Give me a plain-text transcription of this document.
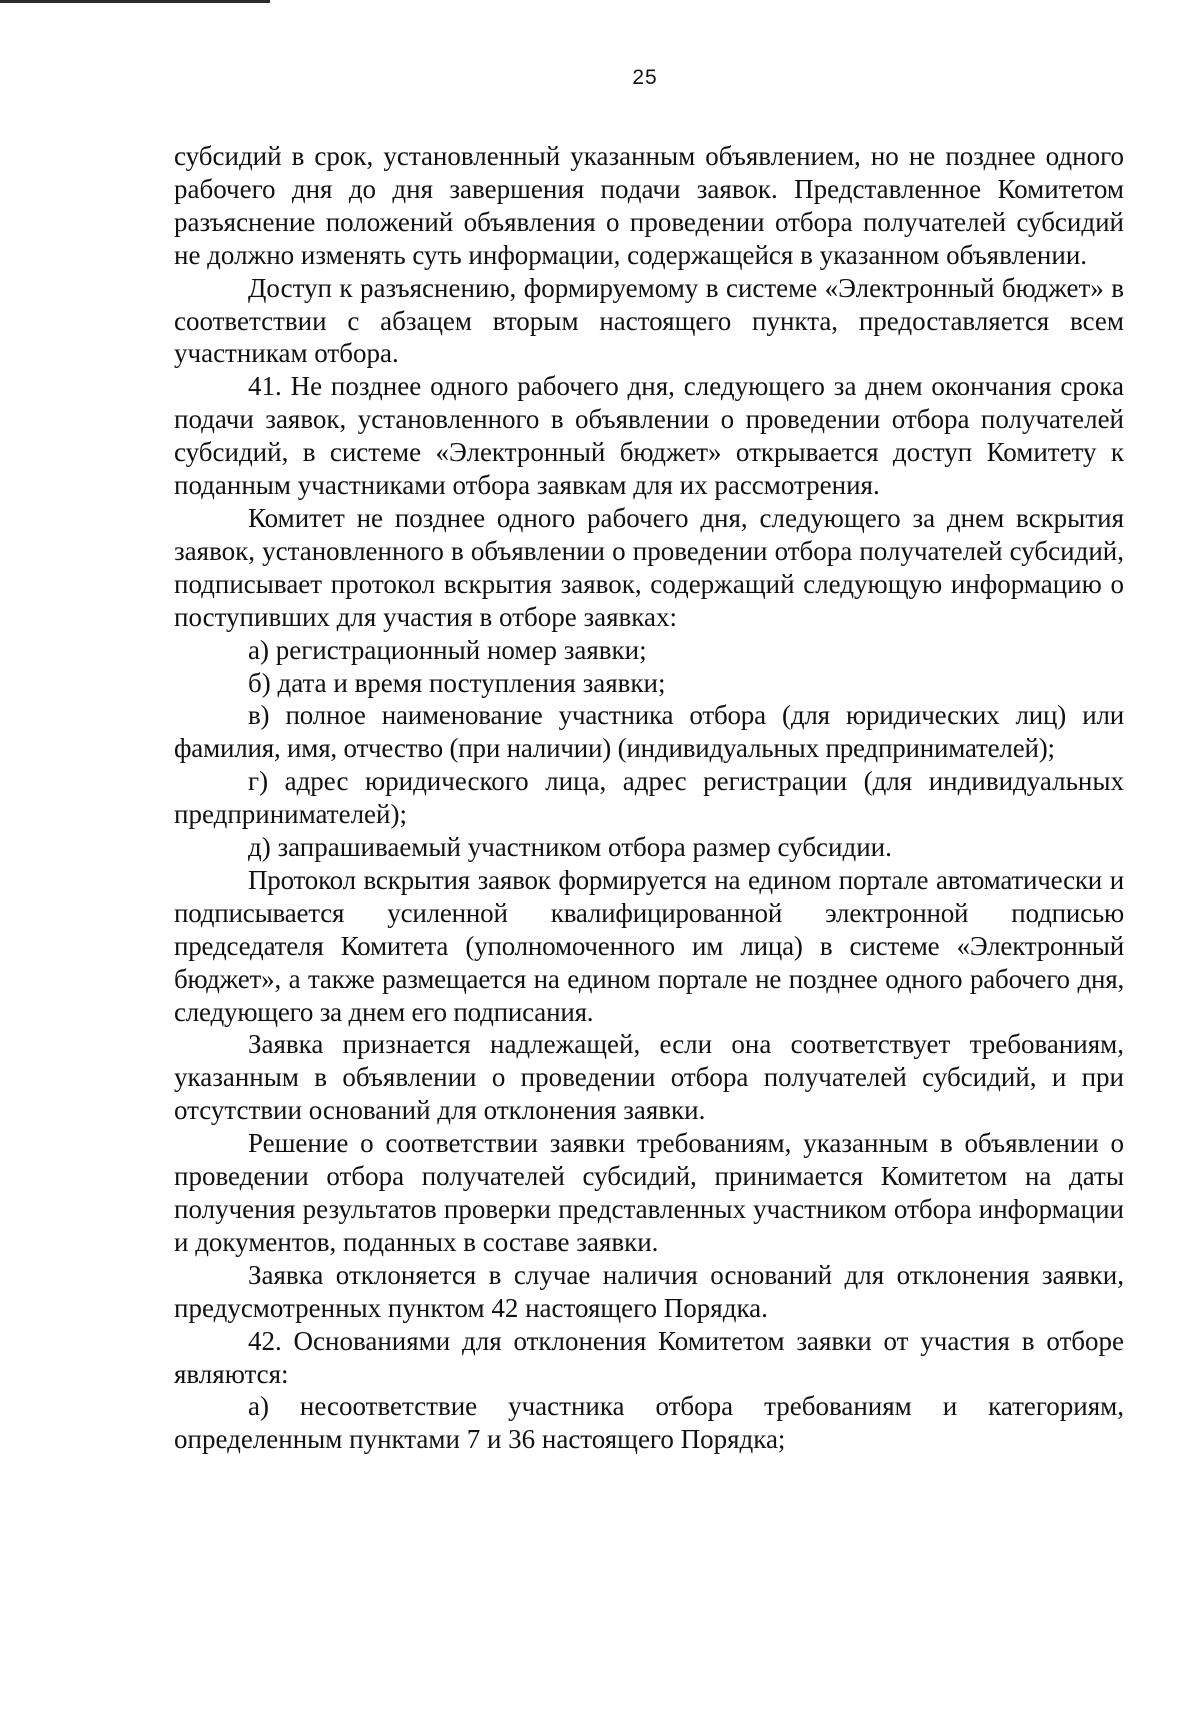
25

субсидий в срок, установленный указанным объявлением, но не позднее одного рабочего дня до дня завершения подачи заявок. Представленное Комитетом разъяснение положений объявления о проведении отбора получателей субсидий не должно изменять суть информации, содержащейся в указанном объявлении.

Доступ к разъяснению, формируемому в системе «Электронный бюджет» в соответствии с абзацем вторым настоящего пункта, предоставляется всем участникам отбора.

41. Не позднее одного рабочего дня, следующего за днем окончания срока подачи заявок, установленного в объявлении о проведении отбора получателей субсидий, в системе «Электронный бюджет» открывается доступ Комитету к поданным участниками отбора заявкам для их рассмотрения.

Комитет не позднее одного рабочего дня, следующего за днем вскрытия заявок, установленного в объявлении о проведении отбора получателей субсидий, подписывает протокол вскрытия заявок, содержащий следующую информацию о поступивших для участия в отборе заявках:

а) регистрационный номер заявки;

б) дата и время поступления заявки;

в) полное наименование участника отбора (для юридических лиц) или фамилия, имя, отчество (при наличии) (индивидуальных предпринимателей);

г) адрес юридического лица, адрес регистрации (для индивидуальных предпринимателей);

д) запрашиваемый участником отбора размер субсидии.

Протокол вскрытия заявок формируется на едином портале автоматически и подписывается усиленной квалифицированной электронной подписью председателя Комитета (уполномоченного им лица) в системе «Электронный бюджет», а также размещается на едином портале не позднее одного рабочего дня, следующего за днем его подписания.

Заявка признается надлежащей, если она соответствует требованиям, указанным в объявлении о проведении отбора получателей субсидий, и при отсутствии оснований для отклонения заявки.

Решение о соответствии заявки требованиям, указанным в объявлении о проведении отбора получателей субсидий, принимается Комитетом на даты получения результатов проверки представленных участником отбора информации и документов, поданных в составе заявки.

Заявка отклоняется в случае наличия оснований для отклонения заявки, предусмотренных пунктом 42 настоящего Порядка.

42. Основаниями для отклонения Комитетом заявки от участия в отборе являются:

а) несоответствие участника отбора требованиям и категориям, определенным пунктами 7 и 36 настоящего Порядка;
